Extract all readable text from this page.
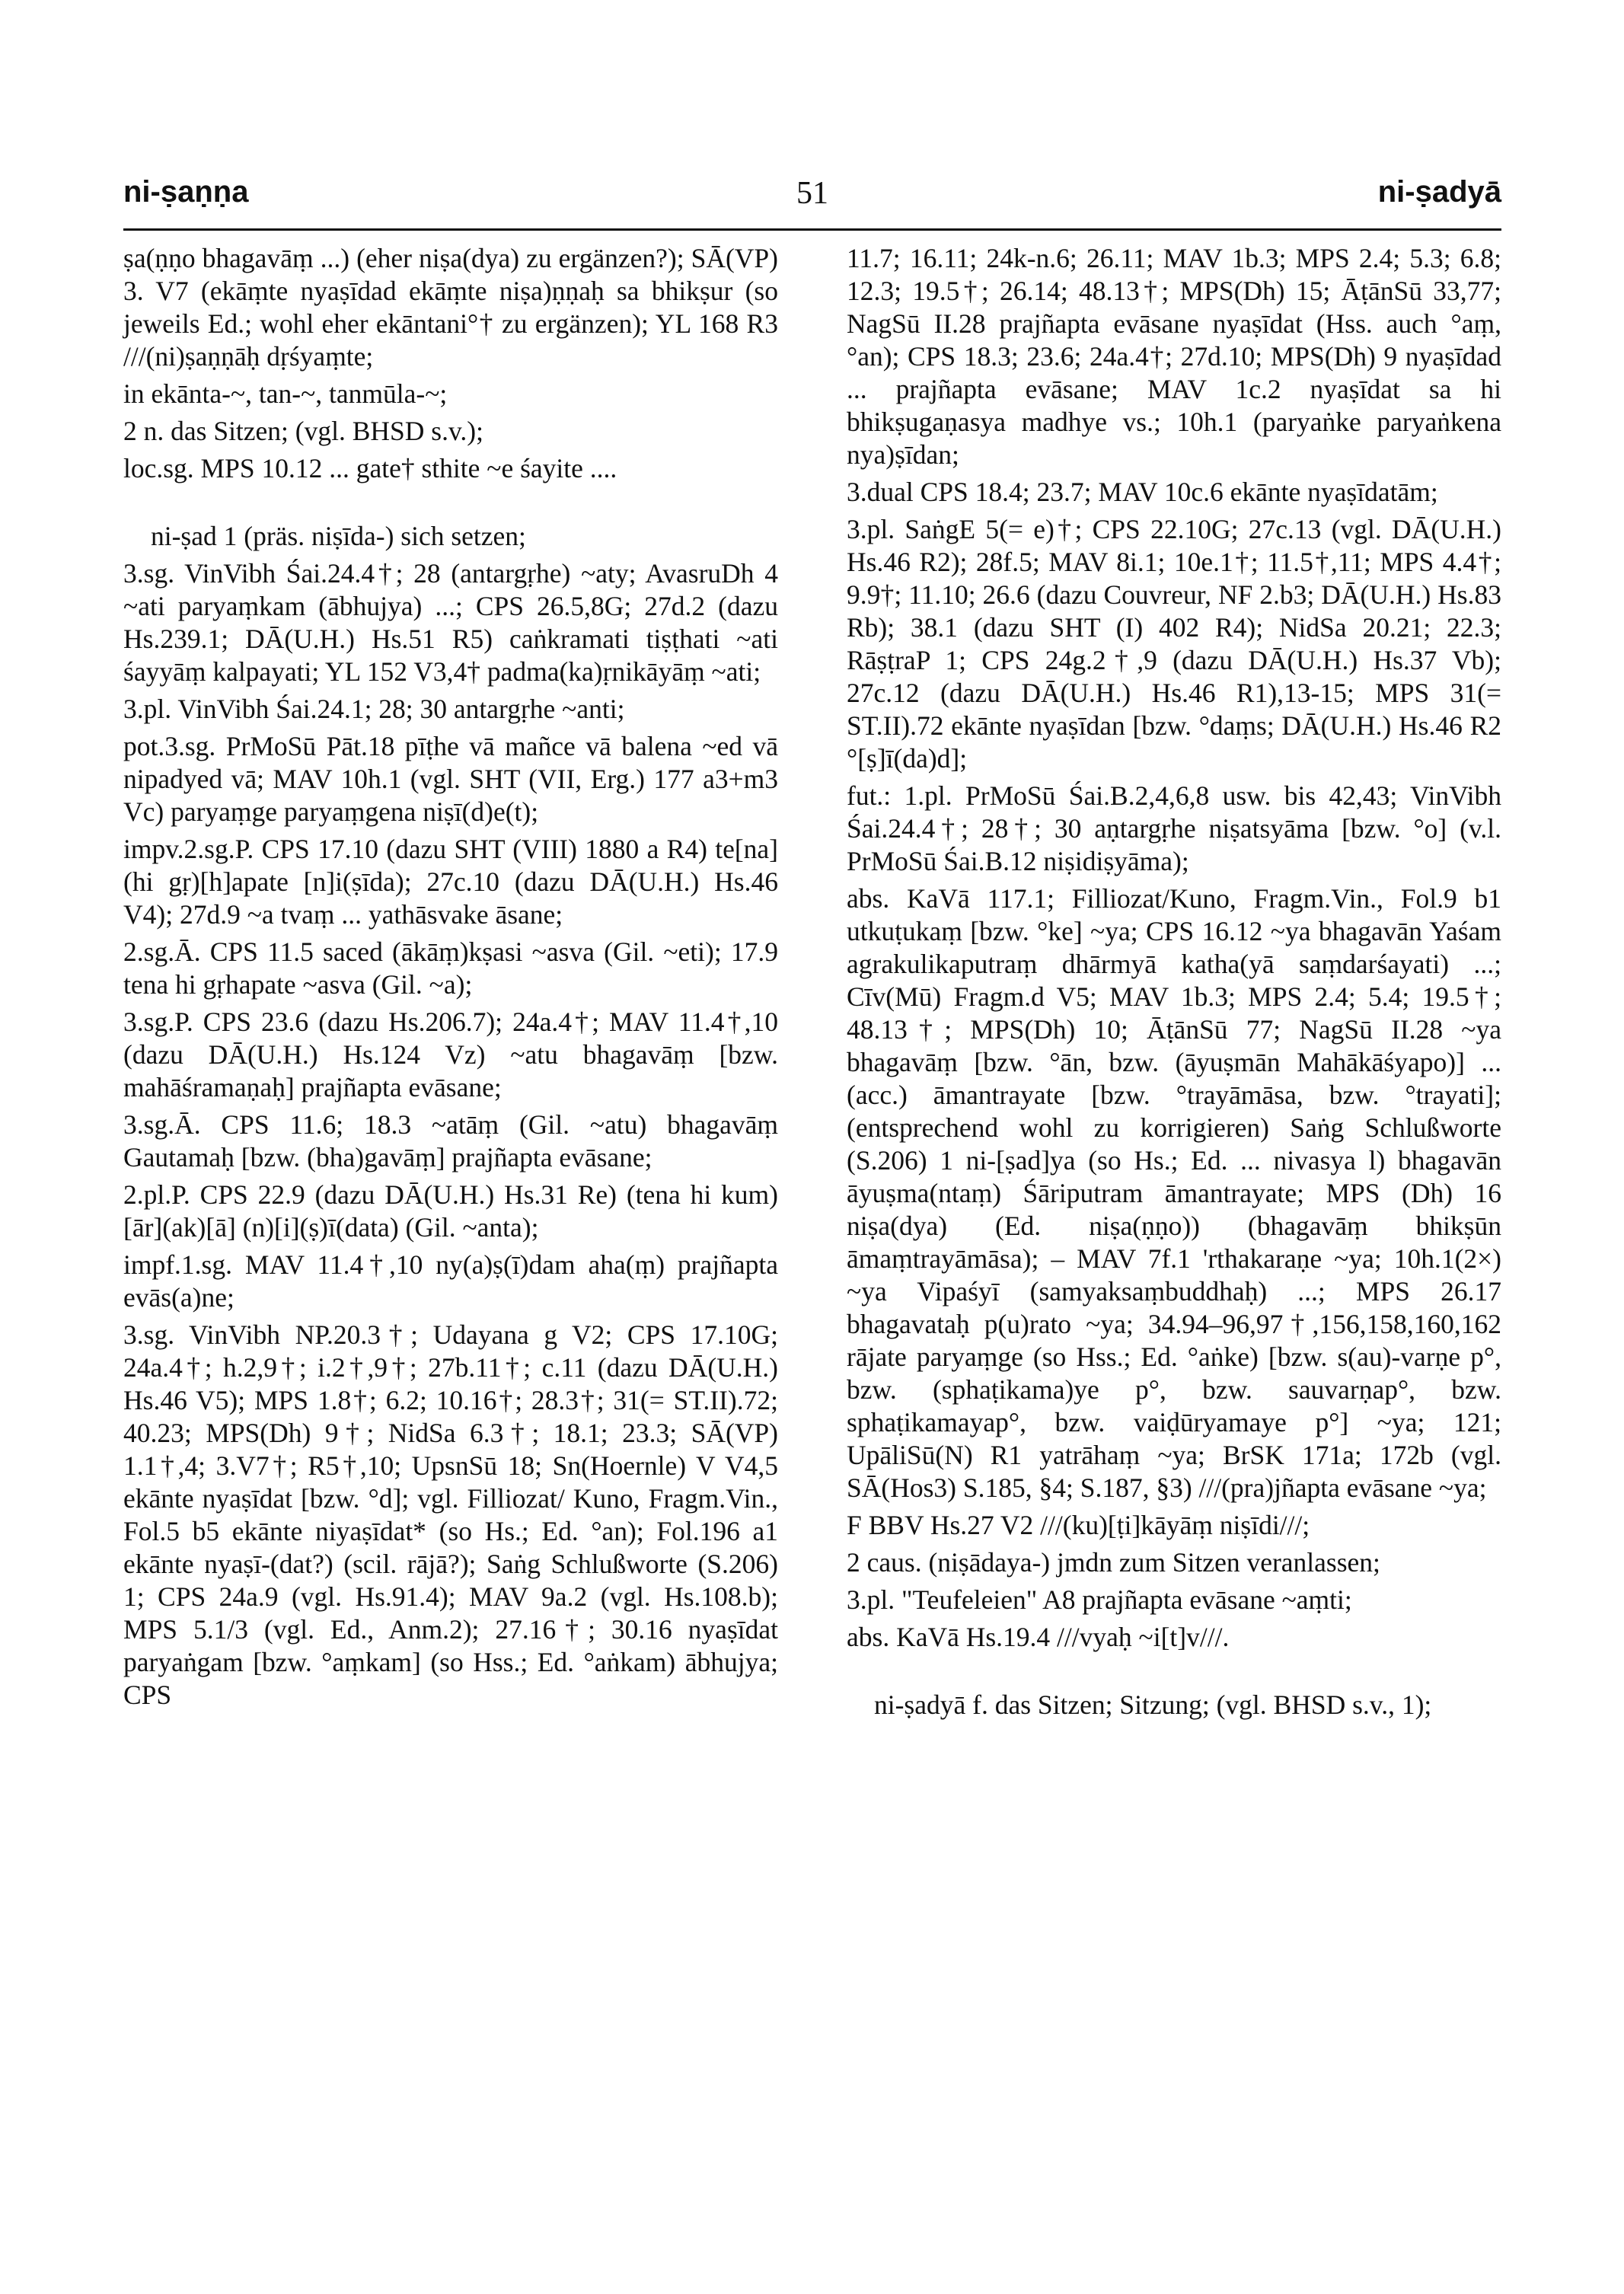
51
ni-ṣaṇṇa	ni-ṣadyā

ṣa(ṇṇo bhagavāṃ ...) (eher niṣa(dya) zu ergänzen?); SĀ(VP) 3. V7 (ekāṃte nyaṣīdad ekāṃte niṣa)ṇṇaḥ sa bhikṣur (so jeweils Ed.; wohl eher ekāntani°† zu ergänzen); YL 168 R3 ///(ni)ṣaṇṇāḥ dṛśyaṃte;

in ekānta-~, tan-~, tanmūla-~;

2 n. das Sitzen; (vgl. BHSD s.v.);

loc.sg. MPS 10.12 ... gate† sthite ~e śayite ....

ni-ṣad 1 (präs. niṣīda-) sich setzen;

3.sg. VinVibh Śai.24.4†; 28 (antargṛhe) ~aty; AvasruDh 4 ~ati paryaṃkam (ābhujya) ...; CPS 26.5,8G; 27d.2 (dazu Hs.239.1; DĀ(U.H.) Hs.51 R5) caṅkramati tiṣṭhati ~ati śayyāṃ kalpayati; YL 152 V3,4† padma(ka)ṛnikāyāṃ ~ati;

3.pl. VinVibh Śai.24.1; 28; 30 antargṛhe ~anti;

pot.3.sg. PrMoSū Pāt.18 pīṭhe vā mañce vā balena ~ed vā nipadyed vā; MAV 10h.1 (vgl. SHT (VII, Erg.) 177 a3+m3 Vc) paryaṃge paryaṃgena niṣī(d)e(t);

impv.2.sg.P. CPS 17.10 (dazu SHT (VIII) 1880 a R4) te[na] (hi gṛ)[h]apate [n]i(ṣīda); 27c.10 (dazu DĀ(U.H.) Hs.46 V4); 27d.9 ~a tvaṃ ... yathāsvake āsane;

2.sg.Ā. CPS 11.5 saced (ākāṃ)kṣasi ~asva (Gil. ~eti); 17.9 tena hi gṛhapate ~asva (Gil. ~a);

3.sg.P. CPS 23.6 (dazu Hs.206.7); 24a.4†; MAV 11.4†,10 (dazu DĀ(U.H.) Hs.124 Vz) ~atu bhagavāṃ [bzw. mahāśramaṇaḥ] prajñapta evāsane;

3.sg.Ā. CPS 11.6; 18.3 ~atāṃ (Gil. ~atu) bhagavāṃ Gautamaḥ [bzw. (bha)gavāṃ] prajñapta evāsane;

2.pl.P. CPS 22.9 (dazu DĀ(U.H.) Hs.31 Re) (tena hi kum)[ār](ak)[ā] (n)[i](ṣ)ī(data) (Gil. ~anta);

impf.1.sg. MAV 11.4†,10 ny(a)ṣ(ī)dam aha(ṃ) prajñapta evās(a)ne;

3.sg. VinVibh NP.20.3†; Udayana g V2; CPS 17.10G; 24a.4†; h.2,9†; i.2†,9†; 27b.11†; c.11 (dazu DĀ(U.H.) Hs.46 V5); MPS 1.8†; 6.2; 10.16†; 28.3†; 31(= ST.II).72; 40.23; MPS(Dh) 9†; NidSa 6.3†; 18.1; 23.3; SĀ(VP) 1.1†,4; 3.V7†; R5†,10; UpsnSū 18; Sn(Hoernle) V V4,5 ekānte nyaṣīdat [bzw. °d]; vgl. Filliozat/ Kuno, Fragm.Vin., Fol.5 b5 ekānte niyaṣīdat* (so Hs.; Ed. °an); Fol.196 a1 ekānte nyaṣī-(dat?) (scil. rājā?); Saṅg Schlußworte (S.206) 1; CPS 24a.9 (vgl. Hs.91.4); MAV 9a.2 (vgl. Hs.108.b); MPS 5.1/3 (vgl. Ed., Anm.2); 27.16†; 30.16 nyaṣīdat paryaṅgam [bzw. °aṃkam] (so Hss.; Ed. °aṅkam) ābhujya; CPS

11.7; 16.11; 24k-n.6; 26.11; MAV 1b.3; MPS 2.4; 5.3; 6.8; 12.3; 19.5†; 26.14; 48.13†; MPS(Dh) 15; ĀṭānSū 33,77; NagSū II.28 prajñapta evāsane nyaṣīdat (Hss. auch °aṃ, °an); CPS 18.3; 23.6; 24a.4†; 27d.10; MPS(Dh) 9 nyaṣīdad ... prajñapta evāsane; MAV 1c.2 nyaṣīdat sa hi bhikṣugaṇasya madhye vs.; 10h.1 (paryaṅke paryaṅkena nya)ṣīdan;

3.dual CPS 18.4; 23.7; MAV 10c.6 ekānte nyaṣīdatām;

3.pl. SaṅgE 5(= e)†; CPS 22.10G; 27c.13 (vgl. DĀ(U.H.) Hs.46 R2); 28f.5; MAV 8i.1; 10e.1†; 11.5†,11; MPS 4.4†; 9.9†; 11.10; 26.6 (dazu Couvreur, NF 2.b3; DĀ(U.H.) Hs.83 Rb); 38.1 (dazu SHT (I) 402 R4); NidSa 20.21; 22.3; RāṣṭraP 1; CPS 24g.2†,9 (dazu DĀ(U.H.) Hs.37 Vb); 27c.12 (dazu DĀ(U.H.) Hs.46 R1),13-15; MPS 31(= ST.II).72 ekānte nyaṣīdan [bzw. °daṃs; DĀ(U.H.) Hs.46 R2 °[ṣ]ī(da)d];

fut.: 1.pl. PrMoSū Śai.B.2,4,6,8 usw. bis 42,43; VinVibh Śai.24.4†; 28†; 30 aṇtargṛhe niṣatsyāma [bzw. °o] (v.l. PrMoSū Śai.B.12 niṣidiṣyāma);

abs. KaVā 117.1; Filliozat/Kuno, Fragm.Vin., Fol.9 b1 utkuṭukaṃ [bzw. °ke] ~ya; CPS 16.12 ~ya bhagavān Yaśam agrakulikaputraṃ dhārmyā katha(yā saṃdarśayati) ...; Cīv(Mū) Fragm.d V5; MAV 1b.3; MPS 2.4; 5.4; 19.5†; 48.13†; MPS(Dh) 10; ĀṭānSū 77; NagSū II.28 ~ya bhagavāṃ [bzw. °ān, bzw. (āyuṣmān Mahākāśyapo)] ... (acc.) āmantrayate [bzw. °trayāmāsa, bzw. °trayati]; (entsprechend wohl zu korrigieren) Saṅg Schlußworte (S.206) 1 ni-[ṣad]ya (so Hs.; Ed. ... nivasya l) bhagavān āyuṣma(ntaṃ) Śāriputram āmantrayate; MPS (Dh) 16 niṣa(dya) (Ed. niṣa(ṇṇo)) (bhagavāṃ bhikṣūn āmaṃtrayāmāsa); – MAV 7f.1 'rthakaraṇe ~ya; 10h.1(2×) ~ya Vipaśyī (samyaksaṃbuddhaḥ) ...; MPS 26.17 bhagavataḥ p(u)rato ~ya; 34.94–96,97†,156,158,160,162 rājate paryaṃge (so Hss.; Ed. °aṅke) [bzw. s(au)-varṇe p°, bzw. (sphaṭikama)ye p°, bzw. sauvarṇap°, bzw. sphaṭikamayap°, bzw. vaiḍūryamaye p°] ~ya; 121; UpāliSū(N) R1 yatrāhaṃ ~ya; BrSK 171a; 172b (vgl. SĀ(Hos3) S.185, §4; S.187, §3) ///(pra)jñapta evāsane ~ya;

F BBV Hs.27 V2 ///(ku)[ṭi]kāyāṃ niṣīdi///;

2 caus. (niṣādaya-) jmdn zum Sitzen veranlassen;

3.pl. "Teufeleien" A8 prajñapta evāsane ~aṃti;

abs. KaVā Hs.19.4 ///vyaḥ ~i[t]v///.

ni-ṣadyā f. das Sitzen; Sitzung; (vgl. BHSD s.v., 1);
